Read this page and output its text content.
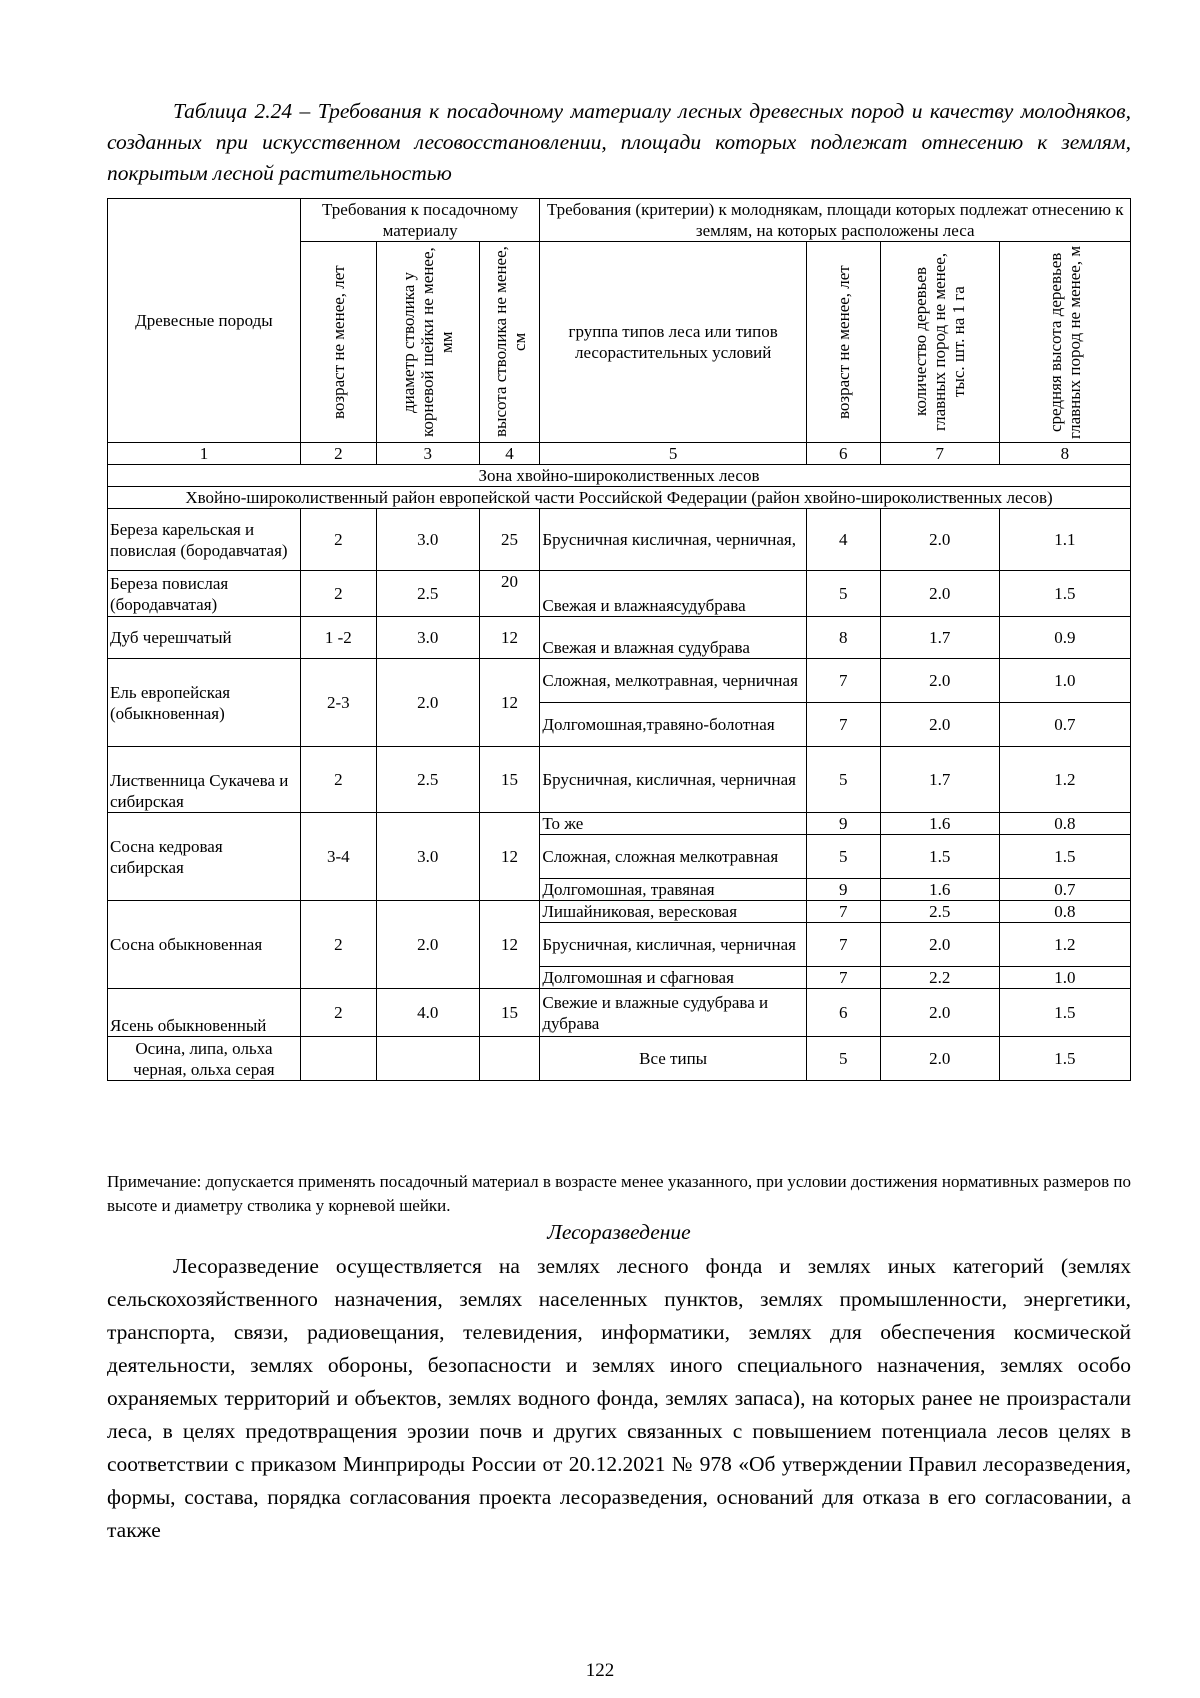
Таблица 2.24 – Требования к посадочному материалу лесных древесных пород и качеству молодняков, созданных при искусственном лесовосстановлении, площади которых подлежат отнесению к землям, покрытым лесной растительностью
Древесные породы	Требования к посадочному материалу			Требования (критерии) к молоднякам, площади которых подлежат отнесению к землям, на которых расположены леса			

	возраст не менее, лет	диаметр стволика у корневой шейки не менее, мм	высота стволика не менее, см	группа типов леса или типов лесорастительных условий	возраст не менее, лет	количество деревьев главных пород не менее, тыс. шт. на 1 га	средняя высота деревьев главных пород не менее, м

1	2	3	4	5	6	7	8
Зона хвойно-широколиственных лесов							
Хвойно-широколиственный район европейской части Российской Федерации (район хвойно-широколиственных лесов)							
Береза карельская и повислая (бородавчатая)	2	3.0	25	Брусничная кисличная, черничная,	4	2.0	1.1
Береза повислая (бородавчатая)	2	2.5	20	Свежая и влажнаясудубрава	5	2.0	1.5
Дуб черешчатый	1 -2	3.0	12	Свежая и влажная судубрава	8	1.7	0.9
Ель европейская (обыкновенная)	2-3	2.0	12	Сложная, мелкотравная, черничная	7	2.0	1.0
				Долгомошная,травяно-болотная	7	2.0	0.7
Лиственница Сукачева и сибирская	2	2.5	15	Брусничная, кисличная, черничная	5	1.7	1.2
Сосна кедровая сибирская	3-4	3.0	12	То же	9	1.6	0.8
				Сложная, сложная мелкотравная	5	1.5	1.5
				Долгомошная, травяная	9	1.6	0.7
Сосна обыкновенная	2	2.0	12	Лишайниковая, вересковая	7	2.5	0.8
				Брусничная, кисличная, черничная	7	2.0	1.2
				Долгомошная и сфагновая	7	2.2	1.0
Ясень обыкновенный	2	4.0	15	Свежие и влажные судубрава и дубрава	6	2.0	1.5
Осина, липа, ольха черная, ольха серая				Все типы	5	2.0	1.5
Примечание: допускается применять посадочный материал в возрасте менее указанного, при условии достижения нормативных размеров по высоте и диаметру стволика у корневой шейки.
Лесоразведение
Лесоразведение осуществляется на землях лесного фонда и землях иных категорий (землях сельскохозяйственного назначения, землях населенных пунктов, землях промышленности, энергетики, транспорта, связи, радиовещания, телевидения, информатики, землях для обеспечения космической деятельности, землях обороны, безопасности и землях иного специального назначения, землях особо охраняемых территорий и объектов, землях водного фонда, землях запаса), на которых ранее не произрастали леса, в целях предотвращения эрозии почв и других связанных с повышением потенциала лесов целях в соответствии с приказом Минприроды России от 20.12.2021 № 978 «Об утверждении Правил лесоразведения, формы, состава, порядка согласования проекта лесоразведения, оснований для отказа в его согласовании, а также
122
